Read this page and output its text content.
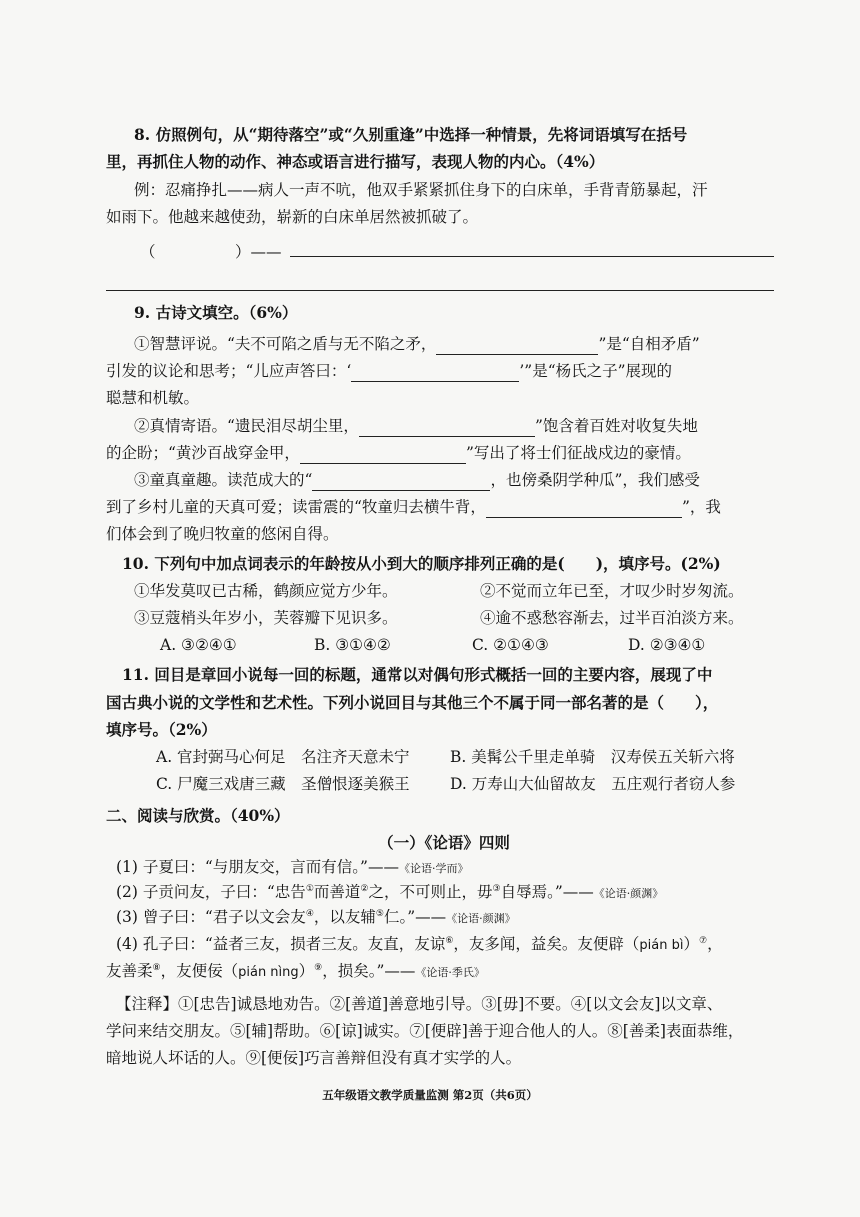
8. 仿照例句，从“期待落空”或“久别重逢”中选择一种情景，先将词语填写在括号
里，再抓住人物的动作、神态或语言进行描写，表现人物的内心。（4%）
例：忍痛挣扎——病人一声不吭，他双手紧紧抓住身下的白床单，手背青筋暴起，汗
如雨下。他越来越使劲，崭新的白床单居然被抓破了。
（	）——
9. 古诗文填空。（6%）
①智慧评说。“夫不可陷之盾与无不陷之矛，	”是“自相矛盾”
引发的议论和思考；“儿应声答曰：‘	’”是“杨氏之子”展现的
聪慧和机敏。
②真情寄语。“遗民泪尽胡尘里，	”饱含着百姓对收复失地
的企盼；“黄沙百战穿金甲，	”写出了将士们征战戍边的豪情。
③童真童趣。读范成大的“	，也傍桑阴学种瓜”，我们感受
到了乡村儿童的天真可爱；读雷震的“牧童归去横牛背，	”，我
们体会到了晚归牧童的悠闲自得。
10. 下列句中加点词表示的年龄按从小到大的顺序排列正确的是(　　)，填序号。(2%)
①华发莫叹已古稀，鹤颜应觉方少年。	②不觉而立年已至，才叹少时岁匆流。
③豆蔻梢头年岁小，芙蓉瓣下见识多。	④逾不惑愁容渐去，过半百泊淡方来。
A. ③②④①	B. ③①④②	C. ②①④③	D. ②③④①
11. 回目是章回小说每一回的标题，通常以对偶句形式概括一回的主要内容，展现了中
国古典小说的文学性和艺术性。下列小说回目与其他三个不属于同一部名著的是（　　），
填序号。（2%）
A. 官封弼马心何足　名注齐天意未宁	B. 美髯公千里走单骑　汉寿侯五关斩六将
C. 尸魔三戏唐三藏　圣僧恨逐美猴王	D. 万寿山大仙留故友　五庄观行者窃人参
二、阅读与欣赏。（40%）
（一）《论语》四则
(1) 子夏曰：“与朋友交，言而有信。”——《论语·学而》
(2) 子贡问友，子曰：“忠告①而善道②之，不可则止，毋③自辱焉。”——《论语·颜渊》
(3) 曾子曰：“君子以文会友④，以友辅⑤仁。”——《论语·颜渊》
(4) 孔子曰：“益者三友，损者三友。友直，友谅⑥，友多闻，益矣。友便辟（pián bì）⑦，
友善柔⑧，友便佞（pián nìng）⑨，损矣。”——《论语·季氏》
【注释】①[忠告]诚恳地劝告。②[善道]善意地引导。③[毋]不要。④[以文会友]以文章、
学问来结交朋友。⑤[辅]帮助。⑥[谅]诚实。⑦[便辟]善于迎合他人的人。⑧[善柔]表面恭维，
暗地说人坏话的人。⑨[便佞]巧言善辩但没有真才实学的人。
五年级语文教学质量监测 第2页（共6页）
